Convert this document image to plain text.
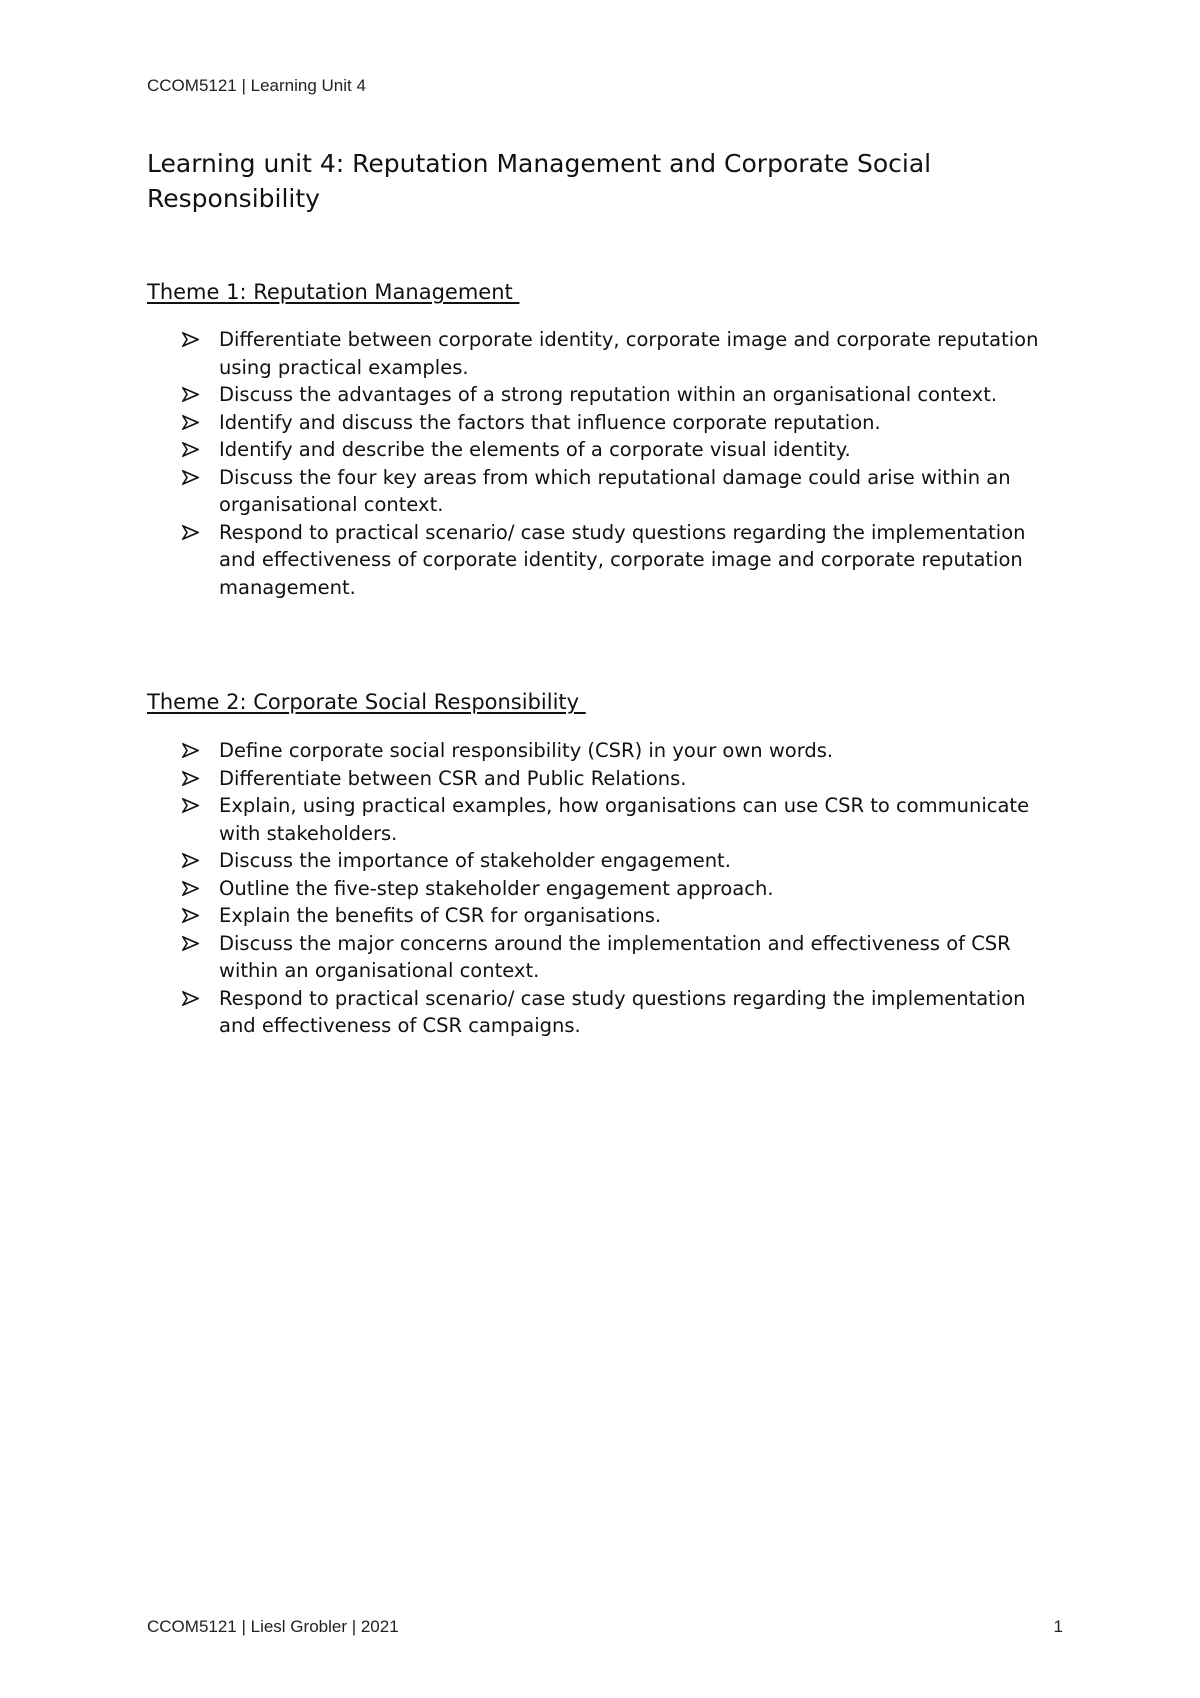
CCOM5121 | Learning Unit 4
Learning unit 4: Reputation Management and Corporate Social Responsibility
Theme 1: Reputation Management
Differentiate between corporate identity, corporate image and corporate reputation using practical examples.
Discuss the advantages of a strong reputation within an organisational context.
Identify and discuss the factors that influence corporate reputation.
Identify and describe the elements of a corporate visual identity.
Discuss the four key areas from which reputational damage could arise within an organisational context.
Respond to practical scenario/ case study questions regarding the implementation and effectiveness of corporate identity, corporate image and corporate reputation management.
Theme 2: Corporate Social Responsibility
Define corporate social responsibility (CSR) in your own words.
Differentiate between CSR and Public Relations.
Explain, using practical examples, how organisations can use CSR to communicate with stakeholders.
Discuss the importance of stakeholder engagement.
Outline the five-step stakeholder engagement approach.
Explain the benefits of CSR for organisations.
Discuss the major concerns around the implementation and effectiveness of CSR within an organisational context.
Respond to practical scenario/ case study questions regarding the implementation and effectiveness of CSR campaigns.
CCOM5121 | Liesl Grobler | 2021	1
